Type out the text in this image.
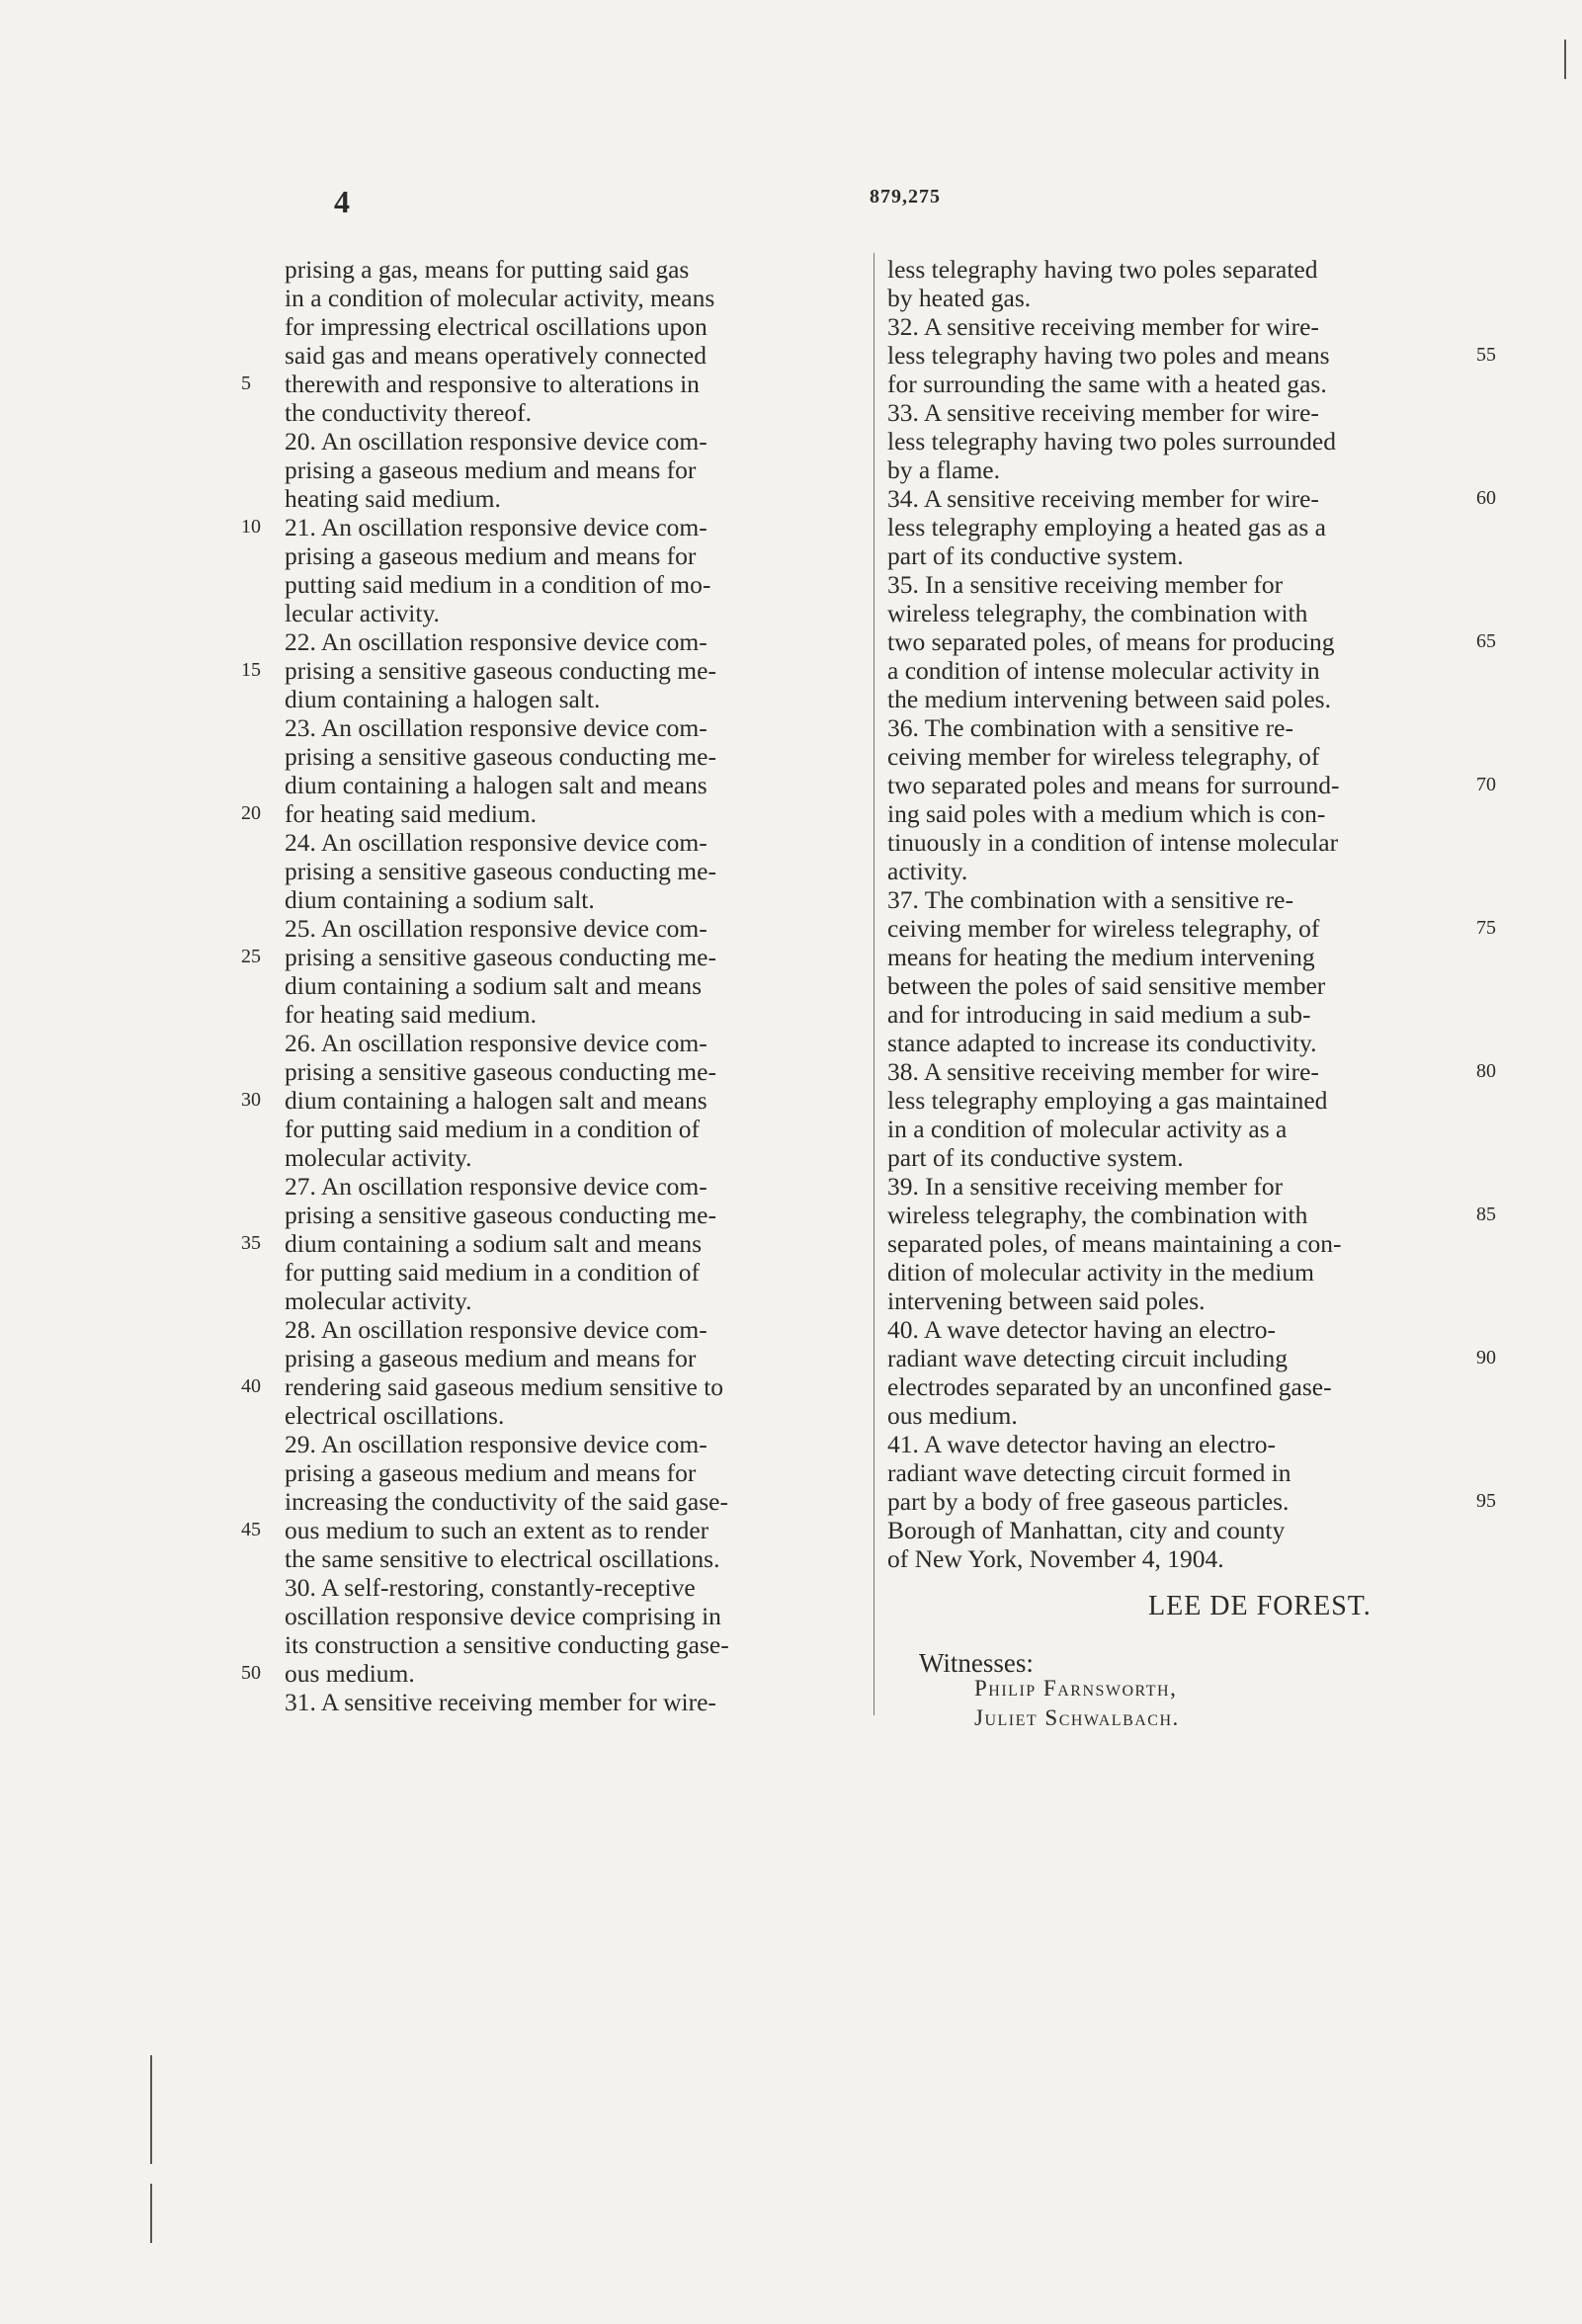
4	879,275
prising a gas, means for putting said gas
in a condition of molecular activity, means
for impressing electrical oscillations upon
said gas and means operatively connected
therewith and responsive to alterations in
the conductivity thereof.
20. An oscillation responsive device com-
prising a gaseous medium and means for
heating said medium.
21. An oscillation responsive device com-
prising a gaseous medium and means for
putting said medium in a condition of mo-
lecular activity.
22. An oscillation responsive device com-
prising a sensitive gaseous conducting me-
dium containing a halogen salt.
23. An oscillation responsive device com-
prising a sensitive gaseous conducting me-
dium containing a halogen salt and means
for heating said medium.
24. An oscillation responsive device com-
prising a sensitive gaseous conducting me-
dium containing a sodium salt.
25. An oscillation responsive device com-
prising a sensitive gaseous conducting me-
dium containing a sodium salt and means
for heating said medium.
26. An oscillation responsive device com-
prising a sensitive gaseous conducting me-
dium containing a halogen salt and means
for putting said medium in a condition of
molecular activity.
27. An oscillation responsive device com-
prising a sensitive gaseous conducting me-
dium containing a sodium salt and means
for putting said medium in a condition of
molecular activity.
28. An oscillation responsive device com-
prising a gaseous medium and means for
rendering said gaseous medium sensitive to
electrical oscillations.
29. An oscillation responsive device com-
prising a gaseous medium and means for
increasing the conductivity of the said gase-
ous medium to such an extent as to render
the same sensitive to electrical oscillations.
30. A self-restoring, constantly-receptive
oscillation responsive device comprising in
its construction a sensitive conducting gase-
ous medium.
31. A sensitive receiving member for wire-
less telegraphy having two poles separated
by heated gas.
32. A sensitive receiving member for wire-
less telegraphy having two poles and means
for surrounding the same with a heated gas.
33. A sensitive receiving member for wire-
less telegraphy having two poles surrounded
by a flame.
34. A sensitive receiving member for wire-
less telegraphy employing a heated gas as a
part of its conductive system.
35. In a sensitive receiving member for
wireless telegraphy, the combination with
two separated poles, of means for producing
a condition of intense molecular activity in
the medium intervening between said poles.
36. The combination with a sensitive re-
ceiving member for wireless telegraphy, of
two separated poles and means for surround-
ing said poles with a medium which is con-
tinuously in a condition of intense molecular
activity.
37. The combination with a sensitive re-
ceiving member for wireless telegraphy, of
means for heating the medium intervening
between the poles of said sensitive member
and for introducing in said medium a sub-
stance adapted to increase its conductivity.
38. A sensitive receiving member for wire-
less telegraphy employing a gas maintained
in a condition of molecular activity as a
part of its conductive system.
39. In a sensitive receiving member for
wireless telegraphy, the combination with
separated poles, of means maintaining a con-
dition of molecular activity in the medium
intervening between said poles.
40. A wave detector having an electro-
radiant wave detecting circuit including
electrodes separated by an unconfined gase-
ous medium.
41. A wave detector having an electro-
radiant wave detecting circuit formed in
part by a body of free gaseous particles.
Borough of Manhattan, city and county
of New York, November 4, 1904.
5
10
15
20
25
30
35
40
45
50
55
60
65
70
75
80
85
90
95
LEE DE FOREST.
Witnesses:
Philip Farnsworth,
Juliet Schwalbach.
